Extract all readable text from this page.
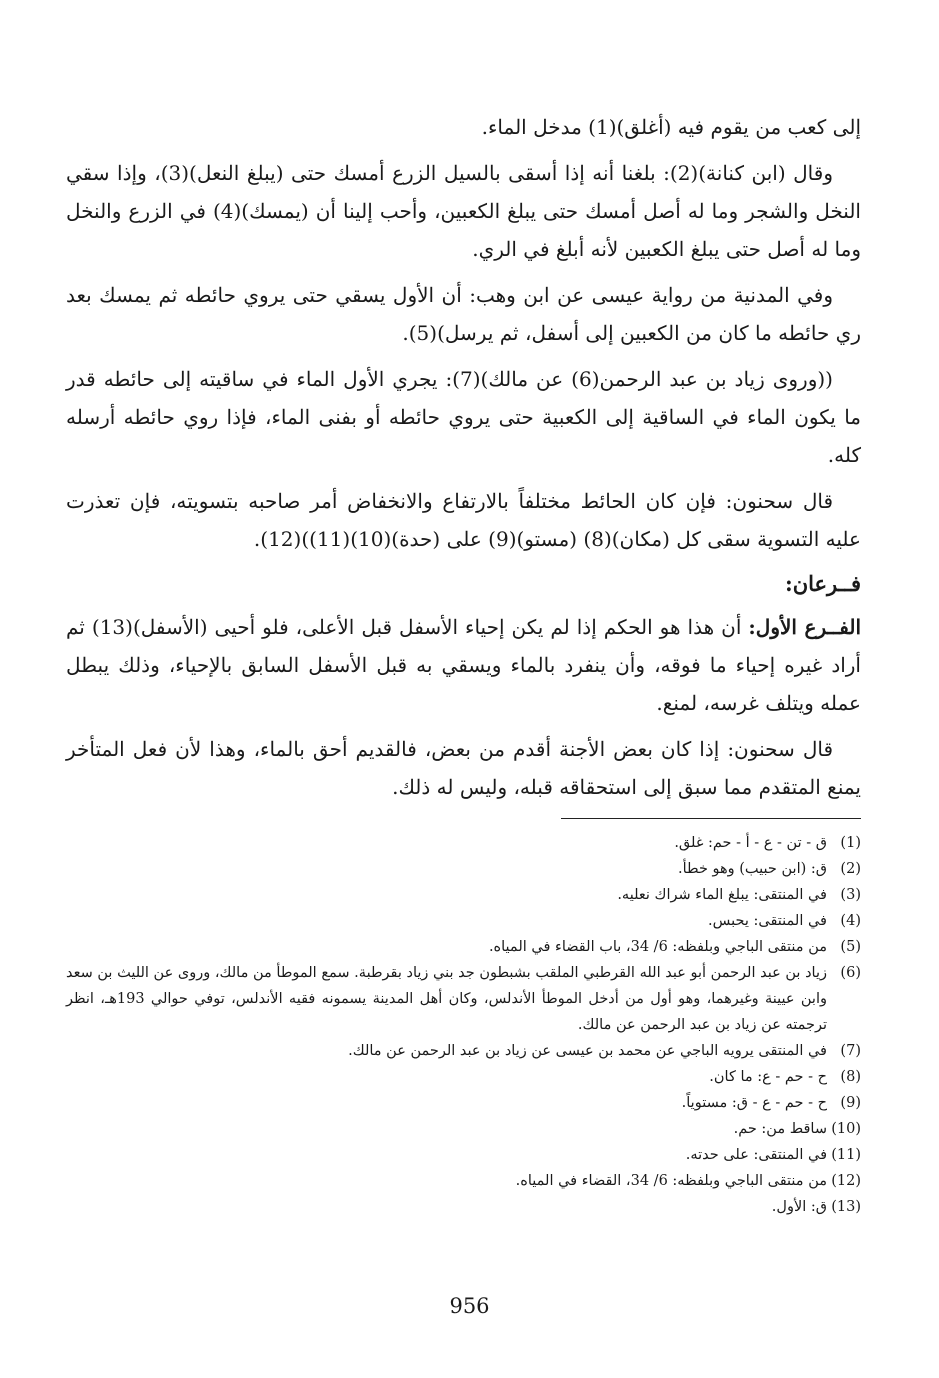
إلى كعب من يقوم فيه (أغلق)(1) مدخل الماء.

وقال (ابن كنانة)(2): بلغنا أنه إذا أسقى بالسيل الزرع أمسك حتى (يبلغ النعل)(3)، وإذا سقي النخل والشجر وما له أصل أمسك حتى يبلغ الكعبين، وأحب إلينا أن (يمسك)(4) في الزرع والنخل وما له أصل حتى يبلغ الكعبين لأنه أبلغ في الري.

وفي المدنية من رواية عيسى عن ابن وهب: أن الأول يسقي حتى يروي حائطه ثم يمسك بعد ري حائطه ما كان من الكعبين إلى أسفل، ثم يرسل)(5).

((وروى زياد بن عبد الرحمن(6) عن مالك)(7): يجري الأول الماء في ساقيته إلى حائطه قدر ما يكون الماء في الساقية إلى الكعبية حتى يروي حائطه أو بفنى الماء، فإذا روي حائطه أرسله كله.

قال سحنون: فإن كان الحائط مختلفاً بالارتفاع والانخفاض أمر صاحبه بتسويته، فإن تعذرت عليه التسوية سقى كل (مكان)(8) (مستو)(9) على (حدة)(10)(11))(12).

فــرعان:

الفــرع الأول: أن هذا هو الحكم إذا لم يكن إحياء الأسفل قبل الأعلى، فلو أحيى (الأسفل)(13) ثم أراد غيره إحياء ما فوقه، وأن ينفرد بالماء ويسقي به قبل الأسفل السابق بالإحياء، وذلك يبطل عمله ويتلف غرسه، لمنع.

قال سحنون: إذا كان بعض الأجنة أقدم من بعض، فالقديم أحق بالماء، وهذا لأن فعل المتأخر يمنع المتقدم مما سبق إلى استحقاقه قبله، وليس له ذلك.

(1)
ق - تن - ع - أ - حم: غلق.
(2)
ق: (ابن حبيب) وهو خطأ.
(3)
في المنتقى: يبلغ الماء شراك نعليه.
(4)
في المنتقى: يحبس.
(5)
من منتقى الباجي وبلفظه: 6/ 34، باب القضاء في المياه.
(6)
زياد بن عبد الرحمن أبو عبد الله القرطبي الملقب بشبطون جد بني زياد بقرطبة. سمع الموطأ من مالك، وروى عن الليث بن سعد وابن عيينة وغيرهما، وهو أول من أدخل الموطأ الأندلس، وكان أهل المدينة يسمونه فقيه الأندلس، توفي حوالي 193هـ، انظر ترجمته عن زياد بن عبد الرحمن عن مالك.
(7)
في المنتقى يرويه الباجي عن محمد بن عيسى عن زياد بن عبد الرحمن عن مالك.
(8)
ح - حم - ع: ما كان.
(9)
ح - حم - ع - ق: مستوياً.
(10)
ساقط من: حم.
(11)
في المنتقى: على حدته.
(12)
من منتقى الباجي وبلفظه: 6/ 34، القضاء في المياه.
(13)
ق: الأول.
956
